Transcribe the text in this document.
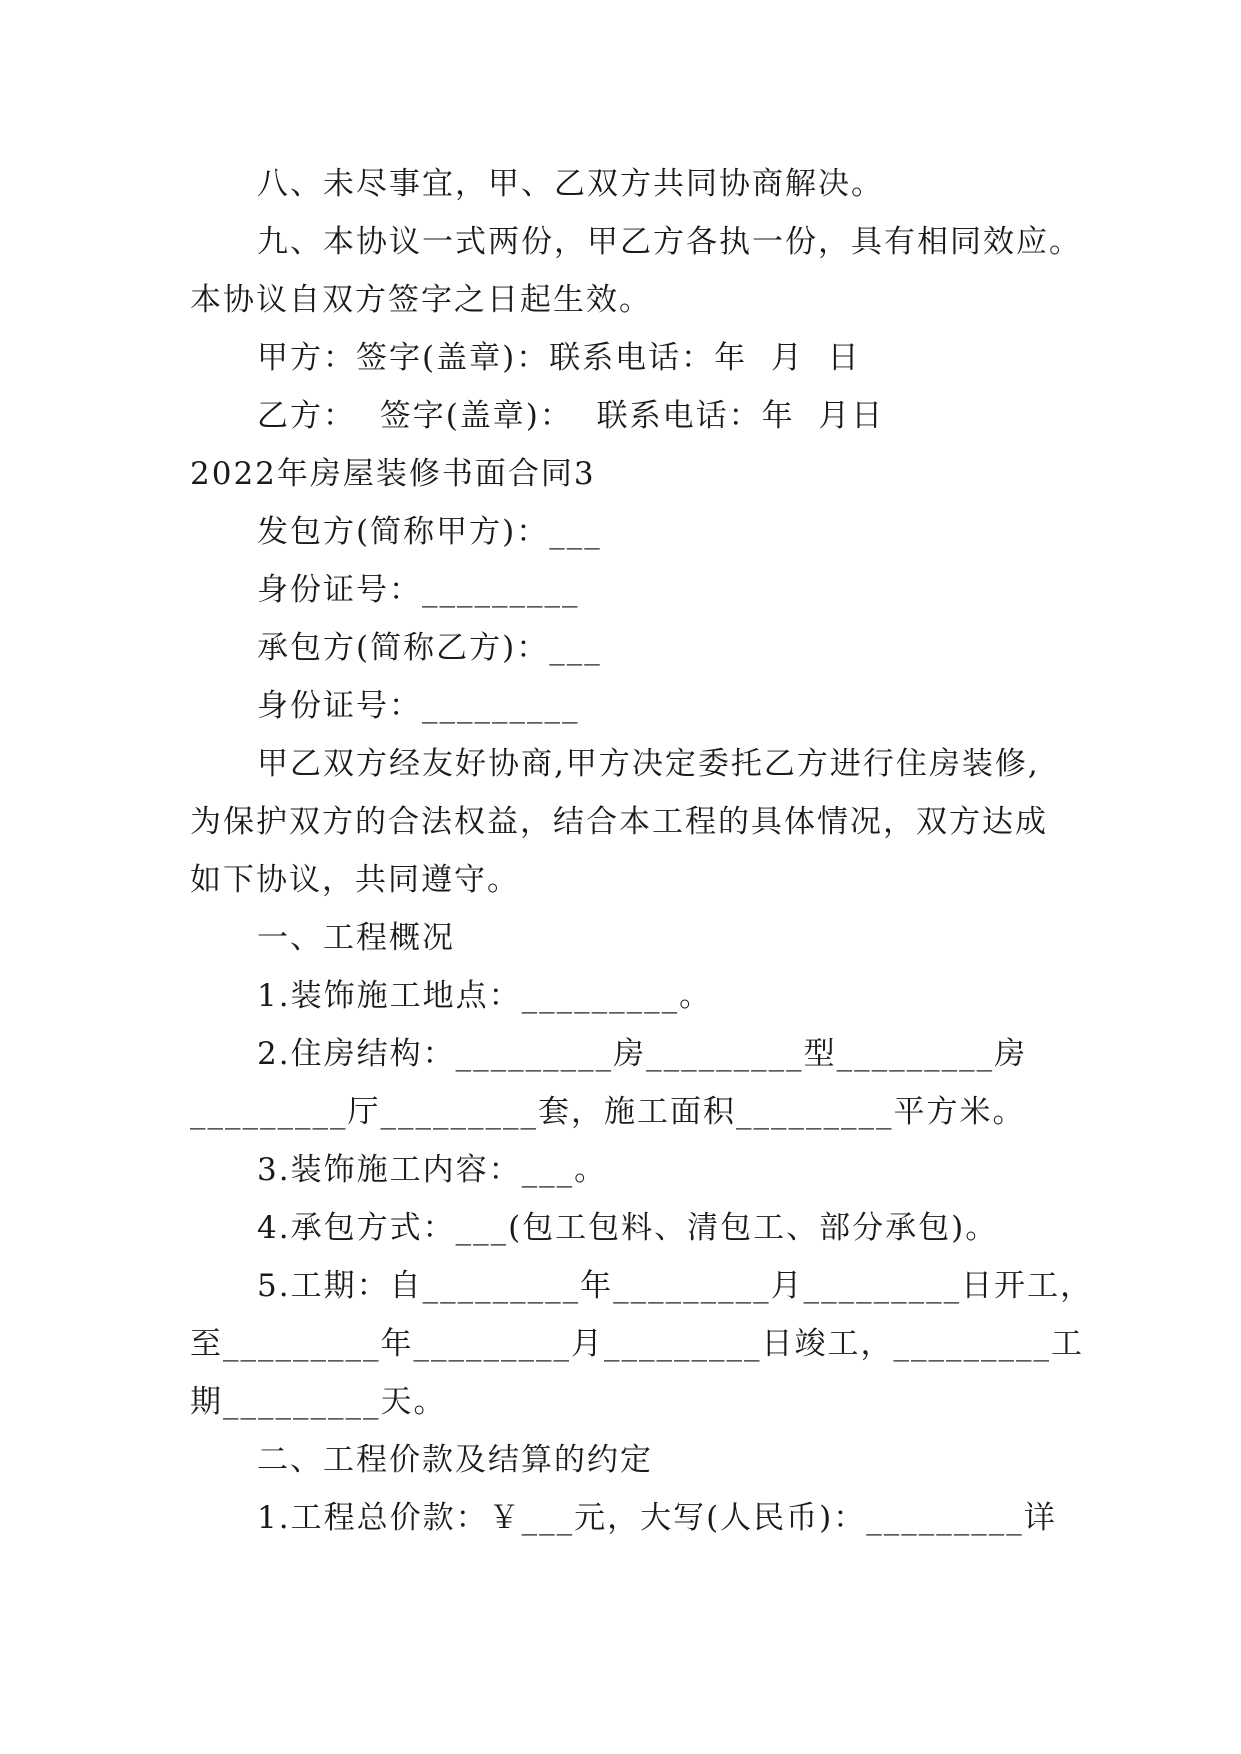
八、未尽事宜，甲、乙双方共同协商解决。
九、本协议一式两份，甲乙方各执一份，具有相同效应。
本协议自双方签字之日起生效。
甲方：签字(盖章)：联系电话：年  月  日
乙方：  签字(盖章)：  联系电话：年  月日
2022年房屋装修书面合同3
发包方(简称甲方)：___
身份证号：_________
承包方(简称乙方)：___
身份证号：_________
甲乙双方经友好协商,甲方决定委托乙方进行住房装修,
为保护双方的合法权益，结合本工程的具体情况，双方达成
如下协议，共同遵守。
一、工程概况
1.装饰施工地点：_________。
2.住房结构：_________房_________型_________房
_________厅_________套，施工面积_________平方米。
3.装饰施工内容：___。
4.承包方式：___(包工包料、清包工、部分承包)。
5.工期：自_________年_________月_________日开工，
至_________年_________月_________日竣工，_________工
期_________天。
二、工程价款及结算的约定
1.工程总价款：￥___元，大写(人民币)：_________详
